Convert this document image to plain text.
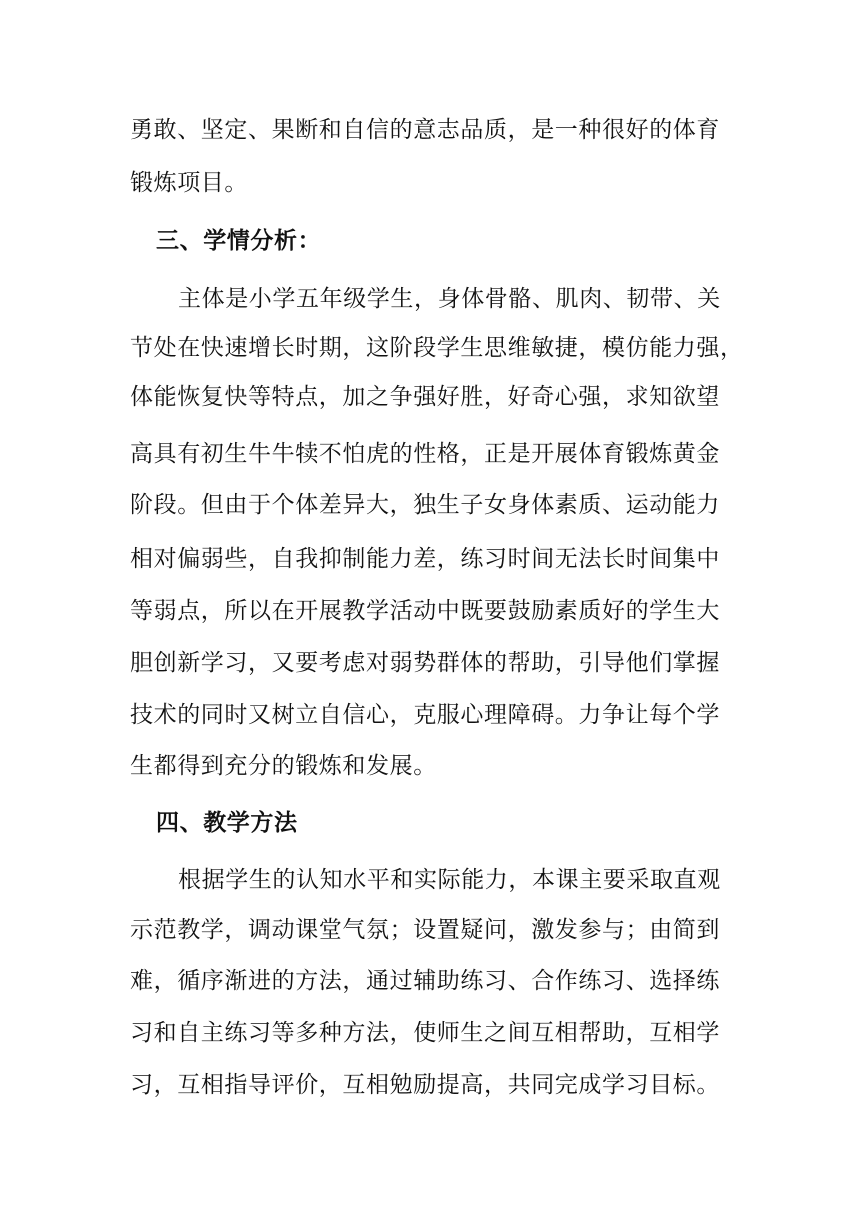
勇敢、坚定、果断和自信的意志品质，是一种很好的体育
锻炼项目。
三、学情分析：
主体是小学五年级学生，身体骨骼、肌肉、韧带、关
节处在快速增长时期，这阶段学生思维敏捷，模仿能力强，
体能恢复快等特点，加之争强好胜，好奇心强，求知欲望
高具有初生牛牛犊不怕虎的性格，正是开展体育锻炼黄金
阶段。但由于个体差异大，独生子女身体素质、运动能力
相对偏弱些，自我抑制能力差，练习时间无法长时间集中
等弱点，所以在开展教学活动中既要鼓励素质好的学生大
胆创新学习，又要考虑对弱势群体的帮助，引导他们掌握
技术的同时又树立自信心，克服心理障碍。力争让每个学
生都得到充分的锻炼和发展。
四、教学方法
根据学生的认知水平和实际能力，本课主要采取直观
示范教学，调动课堂气氛；设置疑问，激发参与；由简到
难，循序渐进的方法，通过辅助练习、合作练习、选择练
习和自主练习等多种方法，使师生之间互相帮助，互相学
习，互相指导评价，互相勉励提高，共同完成学习目标。
